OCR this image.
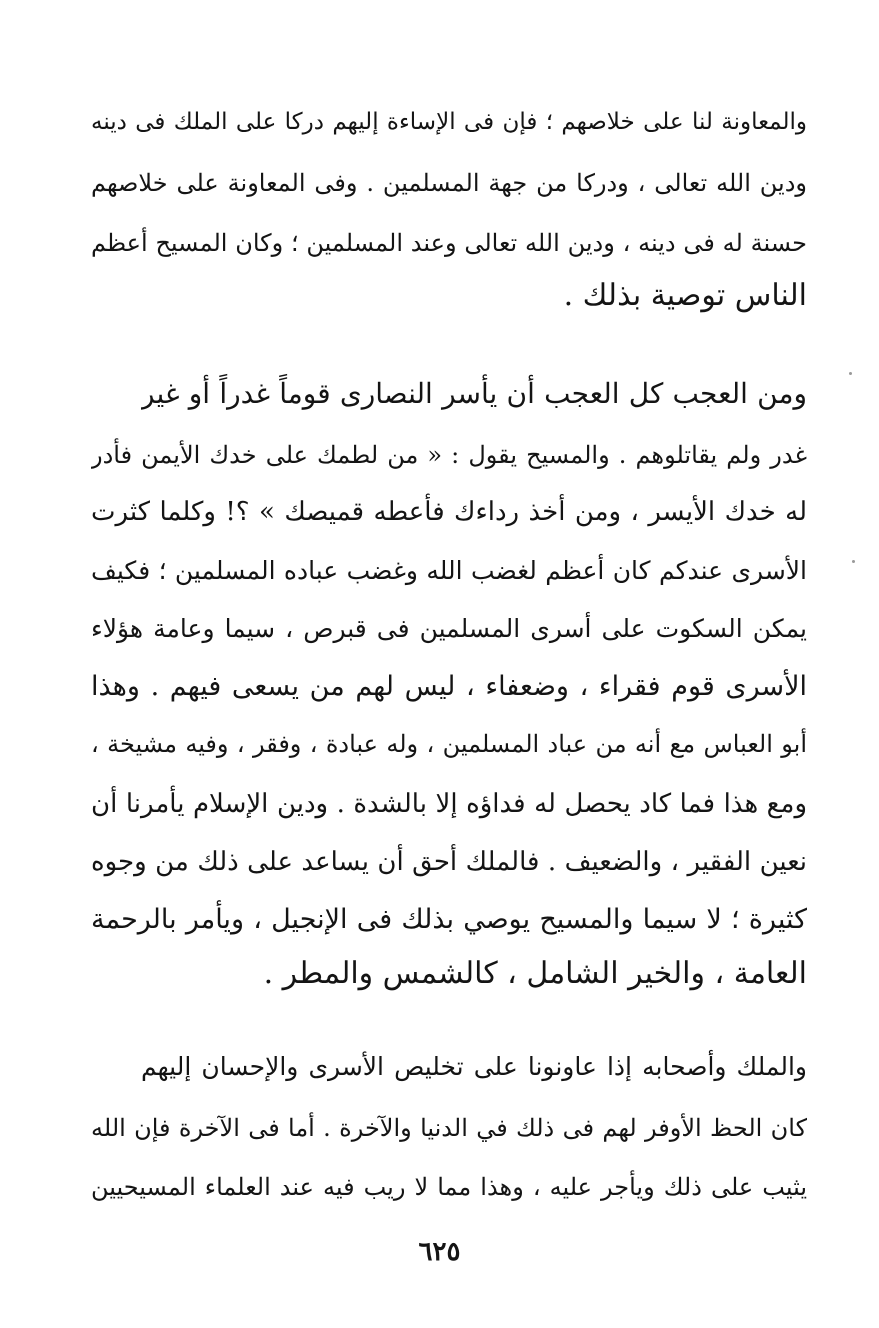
والمعاونة لنا على خلاصهم ؛ فإن فى الإساءة إليهم دركا على الملك فى دينه
ودين الله تعالى ، ودركا من جهة المسلمين . وفى المعاونة على خلاصهم
حسنة له فى دينه ، ودين الله تعالى وعند المسلمين ؛ وكان المسيح أعظم
الناس توصية بذلك .
ومن العجب كل العجب أن يأسر النصارى قوماً غدراً أو غير
غدر ولم يقاتلوهم . والمسيح يقول : « من لطمك على خدك الأيمن فأدر
له خدك الأيسر ، ومن أخذ رداءك فأعطه قميصك » ؟! وكلما كثرت
الأسرى عندكم كان أعظم لغضب الله وغضب عباده المسلمين ؛ فكيف
يمكن السكوت على أسرى المسلمين فى قبرص ، سيما وعامة هؤلاء
الأسرى قوم فقراء ، وضعفاء ، ليس لهم من يسعى فيهم . وهذا
أبو العباس مع أنه من عباد المسلمين ، وله عبادة ، وفقر ، وفيه مشيخة ،
ومع هذا فما كاد يحصل له فداؤه إلا بالشدة . ودين الإسلام يأمرنا أن
نعين الفقير ، والضعيف . فالملك أحق أن يساعد على ذلك من وجوه
كثيرة ؛ لا سيما والمسيح يوصي بذلك فى الإنجيل ، ويأمر بالرحمة
العامة ، والخير الشامل ، كالشمس والمطر .
والملك وأصحابه إذا عاونونا على تخليص الأسرى والإحسان إليهم
كان الحظ الأوفر لهم فى ذلك في الدنيا والآخرة . أما فى الآخرة فإن الله
يثيب على ذلك ويأجر عليه ، وهذا مما لا ريب فيه عند العلماء المسيحيين
٦٢٥
